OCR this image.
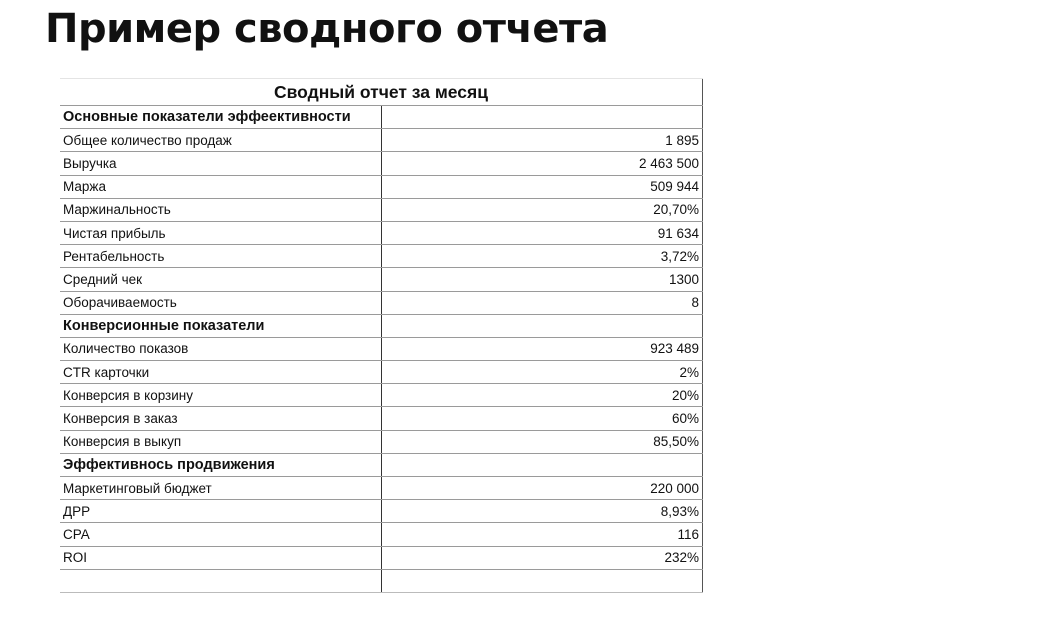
Пример сводного отчета
Сводный отчет за месяц	
Основные показатели эффеективности	
Общее количество продаж	1 895
Выручка	2 463 500
Маржа	509 944
Маржинальность	20,70%
Чистая прибыль	91 634
Рентабельность	3,72%
Средний чек	1300
Оборачиваемость	8
Конверсионные показатели	
Количество показов	923 489
CTR карточки	2%
Конверсия в корзину	20%
Конверсия в заказ	60%
Конверсия в выкуп	85,50%
Эффективнось продвижения	
Маркетинговый бюджет	220 000
ДРР	8,93%
CPA	116
ROI	232%
